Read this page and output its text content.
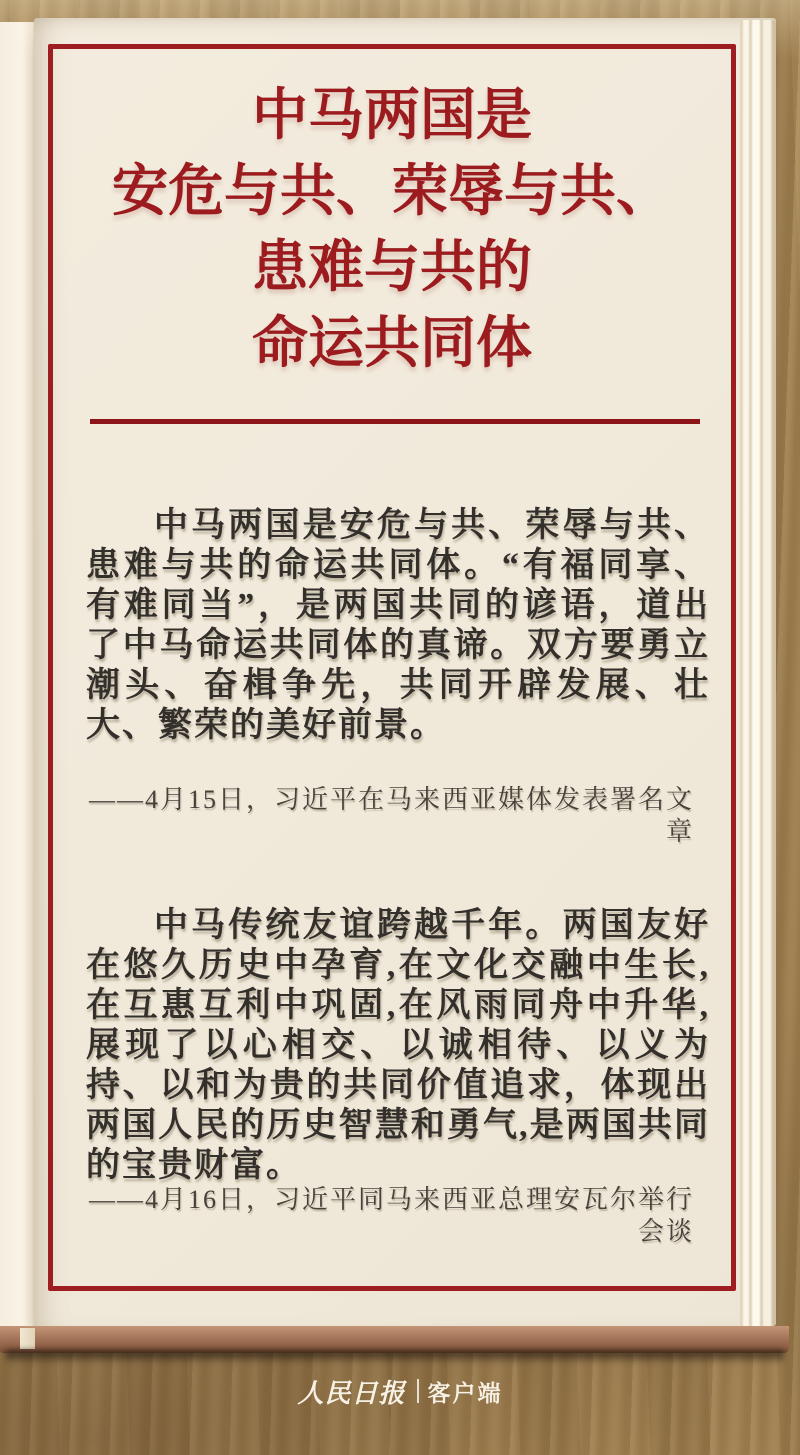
中马两国是
安危与共、荣辱与共、
患难与共的
命运共同体
中马两国是安危与共、荣辱与共、患难与共的命运共同体。“有福同享、有难同当”，是两国共同的谚语，道出了中马命运共同体的真谛。双方要勇立潮头、奋楫争先，共同开辟发展、壮大、繁荣的美好前景。
——4月15日，习近平在马来西亚媒体发表署名文章
中马传统友谊跨越千年。两国友好在悠久历史中孕育,在文化交融中生长,在互惠互利中巩固,在风雨同舟中升华,展现了以心相交、以诚相待、以义为持、以和为贵的共同价值追求，体现出两国人民的历史智慧和勇气,是两国共同的宝贵财富。
——4月16日，习近平同马来西亚总理安瓦尔举行会谈
人民日报 客户端
